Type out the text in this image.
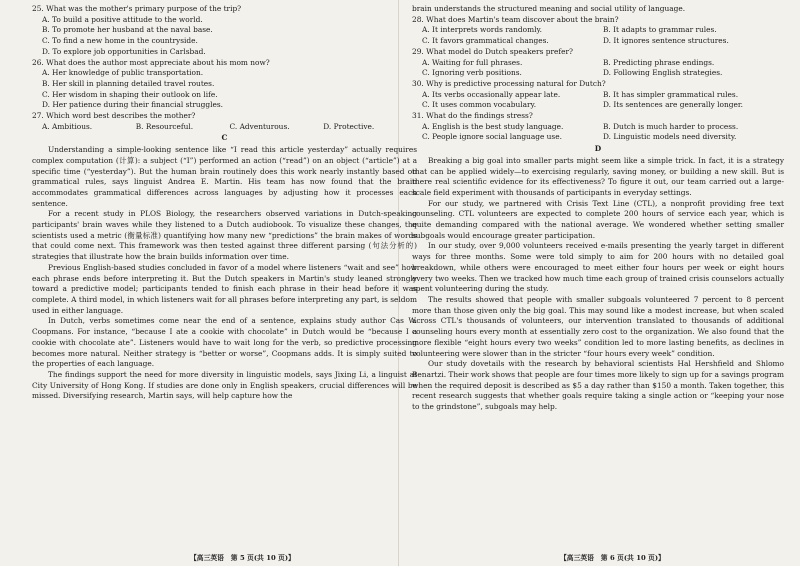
25. What was the mother's primary purpose of the trip?

A. To build a positive attitude to the world.

B. To promote her husband at the naval base.

C. To find a new home in the countryside.

D. To explore job opportunities in Carlsbad.

26. What does the author most appreciate about his mom now?

A. Her knowledge of public transportation.

B. Her skill in planning detailed travel routes.

C. Her wisdom in shaping their outlook on life.

D. Her patience during their financial struggles.

27. Which word best describes the mother?

A. Ambitious.	B. Resourceful.	C. Adventurous.	D. Protective.

C

Understanding a simple-looking sentence like “I read this article yesterday” actually requires complex computation (计算): a subject (“I”) performed an action (“read”) on an object (“article”) at a specific time (“yesterday”). But the human brain routinely does this work nearly instantly based on grammatical rules, says linguist Andrea E. Martin. His team has now found that the brain accommodates grammatical differences across languages by adjusting how it processes each sentence.

For a recent study in PLOS Biology, the researchers observed variations in Dutch-speaking participants' brain waves while they listened to a Dutch audiobook. To visualize these changes, the scientists used a metric (衡量标准) quantifying how many new “predictions” the brain makes of words that could come next. This framework was then tested against three different parsing (句法分析的) strategies that illustrate how the brain builds information over time.

Previous English-based studies concluded in favor of a model where listeners “wait and see” how each phrase ends before interpreting it. But the Dutch speakers in Martin's study leaned strongly toward a predictive model; participants tended to finish each phrase in their head before it was complete. A third model, in which listeners wait for all phrases before interpreting any part, is seldom used in either language.

In Dutch, verbs sometimes come near the end of a sentence, explains study author Cas W. Coopmans. For instance, “because I ate a cookie with chocolate” in Dutch would be “because I a cookie with chocolate ate”. Listeners would have to wait long for the verb, so predictive processing becomes more natural. Neither strategy is “better or worse”, Coopmans adds. It is simply suited to the properties of each language.

The findings support the need for more diversity in linguistic models, says Jixing Li, a linguist at City University of Hong Kong. If studies are done only in English speakers, crucial differences will be missed. Diversifying research, Martin says, will help capture how the

【高三英语　第 5 页(共 10 页)】

brain understands the structured meaning and social utility of language.

28. What does Martin's team discover about the brain?

A. It interprets words randomly.	B. It adapts to grammar rules.
C. It favors grammatical changes.	D. It ignores sentence structures.

29. What model do Dutch speakers prefer?

A. Waiting for full phrases.	B. Predicting phrase endings.
C. Ignoring verb positions.	D. Following English strategies.

30. Why is predictive processing natural for Dutch?

A. Its verbs occasionally appear late.	B. It has simpler grammatical rules.
C. It uses common vocabulary.	D. Its sentences are generally longer.

31. What do the findings stress?

A. English is the best study language.	B. Dutch is much harder to process.
C. People ignore social language use.	D. Linguistic models need diversity.

D

Breaking a big goal into smaller parts might seem like a simple trick. In fact, it is a strategy that can be applied widely—to exercising regularly, saving money, or building a new skill. But is there real scientific evidence for its effectiveness? To figure it out, our team carried out a large-scale field experiment with thousands of participants in everyday settings.

For our study, we partnered with Crisis Text Line (CTL), a nonprofit providing free text counseling. CTL volunteers are expected to complete 200 hours of service each year, which is quite demanding compared with the national average. We wondered whether setting smaller subgoals would encourage greater participation.

In our study, over 9,000 volunteers received e-mails presenting the yearly target in different ways for three months. Some were told simply to aim for 200 hours with no detailed goal breakdown, while others were encouraged to meet either four hours per week or eight hours every two weeks. Then we tracked how much time each group of trained crisis counselors actually spent volunteering during the study.

The results showed that people with smaller subgoals volunteered 7 percent to 8 percent more than those given only the big goal. This may sound like a modest increase, but when scaled across CTL's thousands of volunteers, our intervention translated to thousands of additional counseling hours every month at essentially zero cost to the organization. We also found that the more flexible “eight hours every two weeks” condition led to more lasting benefits, as declines in volunteering were slower than in the stricter “four hours every week” condition.

Our study dovetails with the research by behavioral scientists Hal Hershfield and Shlomo Benartzi. Their work shows that people are four times more likely to sign up for a savings program when the required deposit is described as $5 a day rather than $150 a month. Taken together, this recent research suggests that whether goals require taking a single action or “keeping your nose to the grindstone”, subgoals may help.

【高三英语　第 6 页(共 10 页)】
